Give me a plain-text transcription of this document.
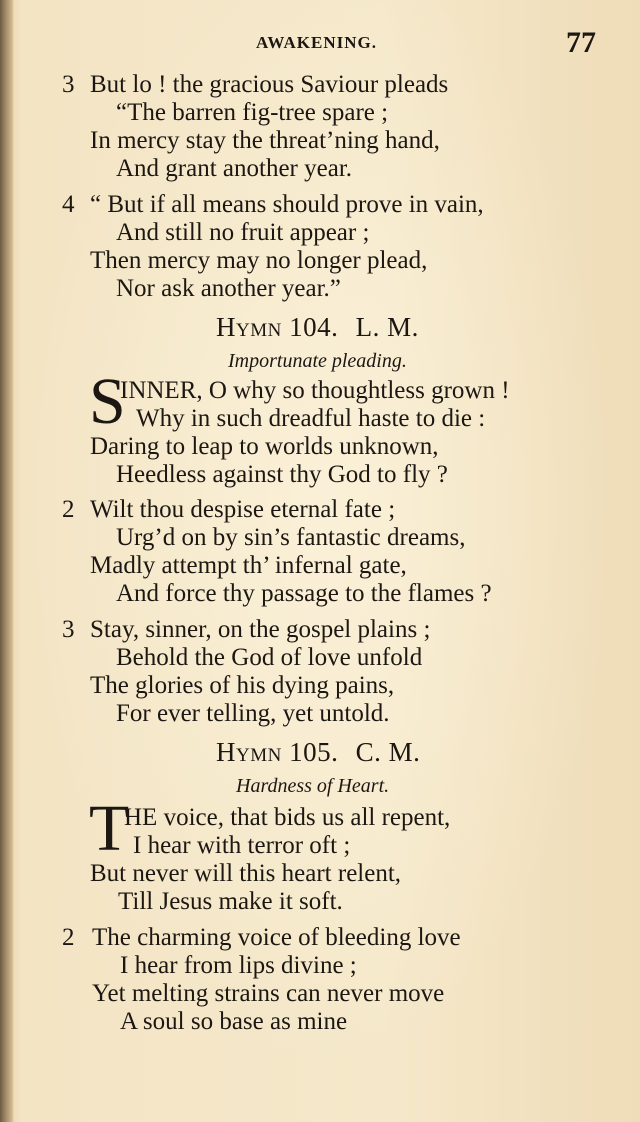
AWAKENING.	77
3 But lo ! the gracious Saviour pleads
“The barren fig-tree spare ;
In mercy stay the threat’ning hand,
And grant another year.
4 “ But if all means should prove in vain,
And still no fruit appear ;
Then mercy may no longer plead,
Nor ask another year.”
Hymn 104. L. M.
Importunate pleading.
S
INNER, O why so thoughtless grown !
Why in such dreadful haste to die :
Daring to leap to worlds unknown,
Heedless against thy God to fly ?
2 Wilt thou despise eternal fate ;
Urg’d on by sin’s fantastic dreams,
Madly attempt th’ infernal gate,
And force thy passage to the flames ?
3 Stay, sinner, on the gospel plains ;
Behold the God of love unfold
The glories of his dying pains,
For ever telling, yet untold.
Hymn 105. C. M.
Hardness of Heart.
T
HE voice, that bids us all repent,
I hear with terror oft ;
But never will this heart relent,
Till Jesus make it soft.
2 The charming voice of bleeding love
I hear from lips divine ;
Yet melting strains can never move
A soul so base as mine
